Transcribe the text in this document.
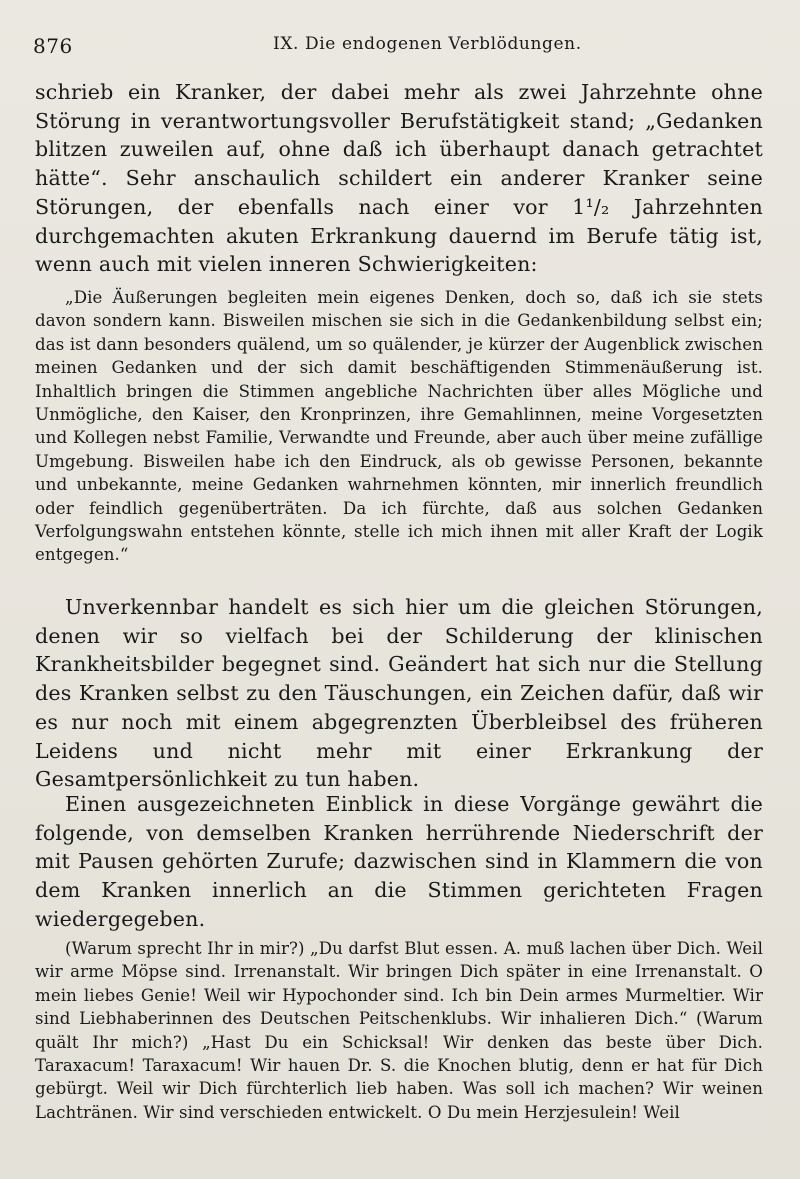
876	IX. Die endogenen Verblödungen.
schrieb ein Kranker, der dabei mehr als zwei Jahrzehnte ohne Störung in verantwortungsvoller Berufstätigkeit stand; „Gedanken blitzen zuweilen auf, ohne daß ich überhaupt danach getrachtet hätte“. Sehr anschaulich schildert ein anderer Kranker seine Störungen, der ebenfalls nach einer vor 1¹/₂ Jahrzehnten durchgemachten akuten Erkrankung dauernd im Berufe tätig ist, wenn auch mit vielen inneren Schwierigkeiten:
„Die Äußerungen begleiten mein eigenes Denken, doch so, daß ich sie stets davon sondern kann. Bisweilen mischen sie sich in die Gedankenbildung selbst ein; das ist dann besonders quälend, um so quälender, je kürzer der Augenblick zwischen meinen Gedanken und der sich damit beschäftigenden Stimmenäußerung ist. Inhaltlich bringen die Stimmen angebliche Nachrichten über alles Mögliche und Unmögliche, den Kaiser, den Kronprinzen, ihre Gemahlinnen, meine Vorgesetzten und Kollegen nebst Familie, Verwandte und Freunde, aber auch über meine zufällige Umgebung. Bisweilen habe ich den Eindruck, als ob gewisse Personen, bekannte und unbekannte, meine Gedanken wahrnehmen könnten, mir innerlich freundlich oder feindlich gegenüberträten. Da ich fürchte, daß aus solchen Gedanken Verfolgungswahn entstehen könnte, stelle ich mich ihnen mit aller Kraft der Logik entgegen.“
Unverkennbar handelt es sich hier um die gleichen Störungen, denen wir so vielfach bei der Schilderung der klinischen Krankheitsbilder begegnet sind. Geändert hat sich nur die Stellung des Kranken selbst zu den Täuschungen, ein Zeichen dafür, daß wir es nur noch mit einem abgegrenzten Überbleibsel des früheren Leidens und nicht mehr mit einer Erkrankung der Gesamtpersönlichkeit zu tun haben.
Einen ausgezeichneten Einblick in diese Vorgänge gewährt die folgende, von demselben Kranken herrührende Niederschrift der mit Pausen gehörten Zurufe; dazwischen sind in Klammern die von dem Kranken innerlich an die Stimmen gerichteten Fragen wiedergegeben.
(Warum sprecht Ihr in mir?) „Du darfst Blut essen. A. muß lachen über Dich. Weil wir arme Möpse sind. Irrenanstalt. Wir bringen Dich später in eine Irrenanstalt. O mein liebes Genie! Weil wir Hypochonder sind. Ich bin Dein armes Murmeltier. Wir sind Liebhaberinnen des Deutschen Peitschenklubs. Wir inhalieren Dich.“ (Warum quält Ihr mich?) „Hast Du ein Schicksal! Wir denken das beste über Dich. Taraxacum! Taraxacum! Wir hauen Dr. S. die Knochen blutig, denn er hat für Dich gebürgt. Weil wir Dich fürchterlich lieb haben. Was soll ich machen? Wir weinen Lachtränen. Wir sind verschieden entwickelt. O Du mein Herzjesulein! Weil
